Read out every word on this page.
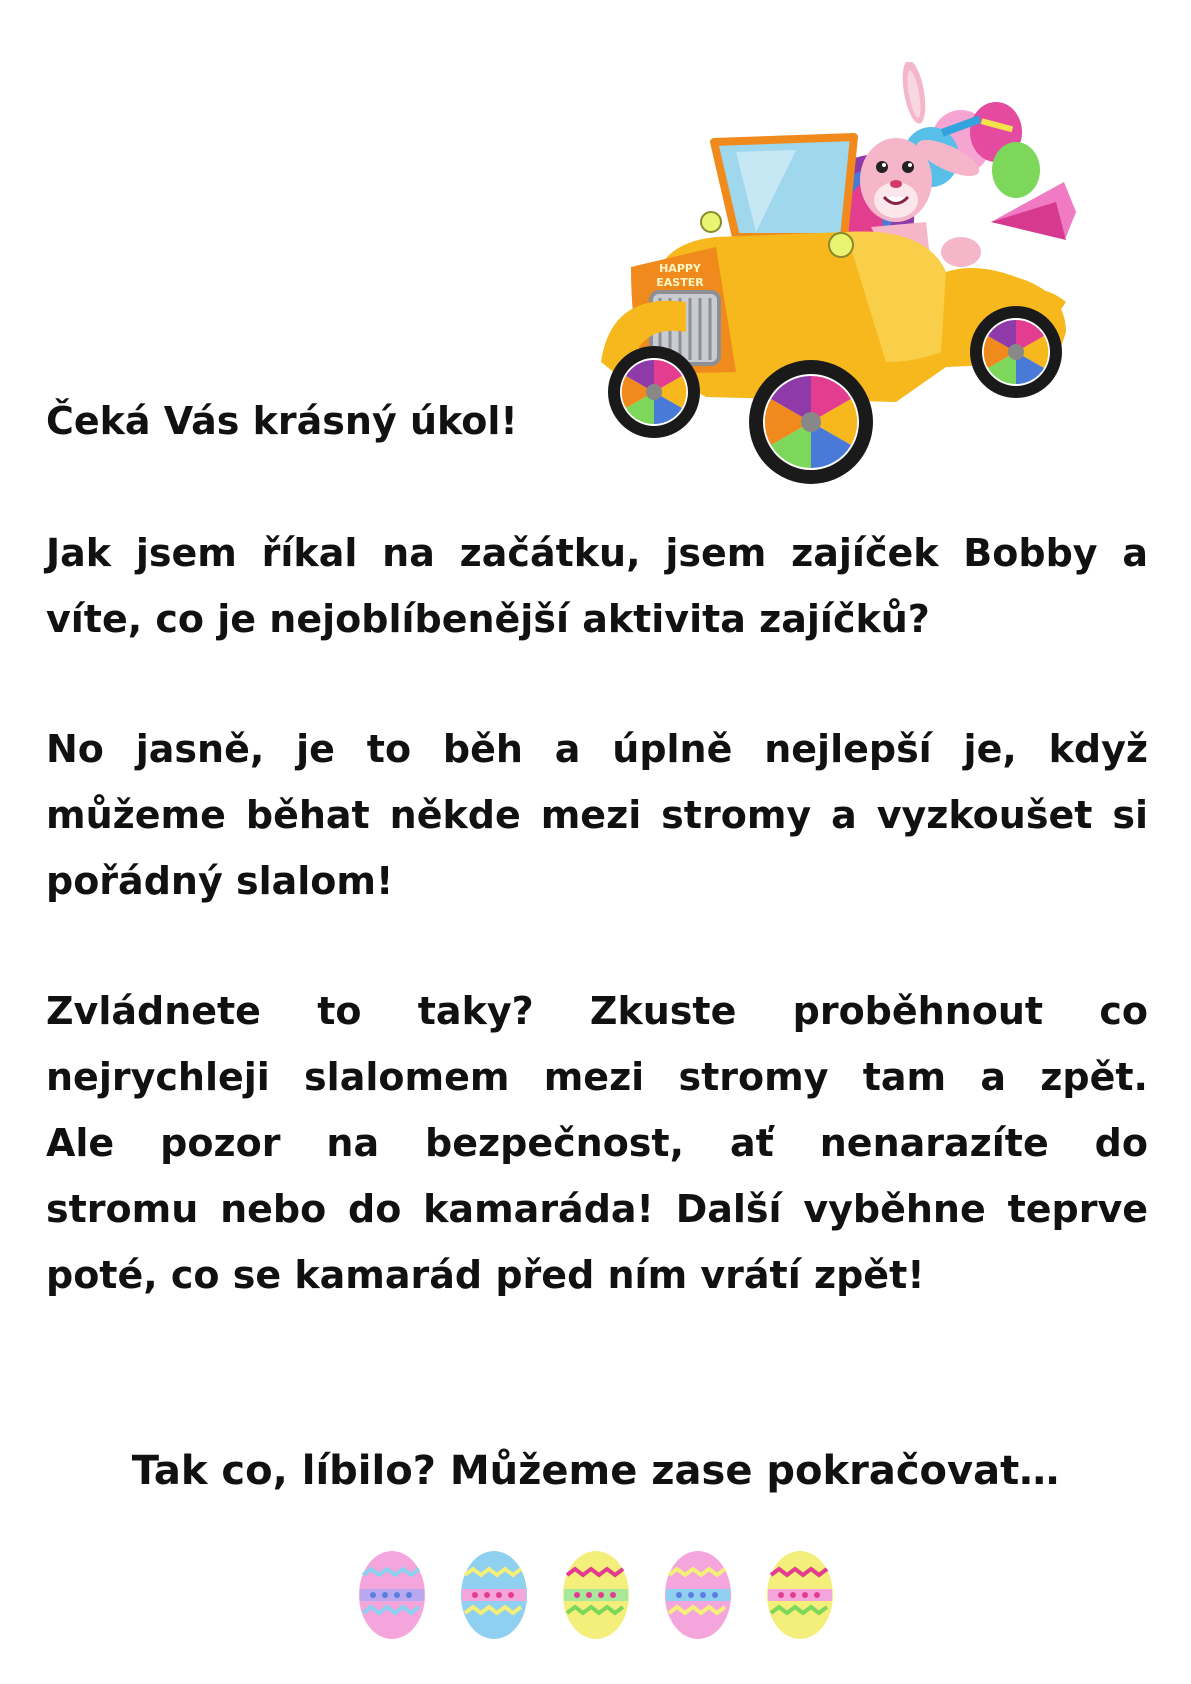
HAPPY
EASTER

Čeká Vás krásný úkol!

Jak jsem říkal na začátku, jsem zajíček Bobby a
víte, co je nejoblíbenější aktivita zajíčků?

No jasně, je to běh a úplně nejlepší je, když
můžeme běhat někde mezi stromy a vyzkoušet si
pořádný slalom!

Zvládnete to taky? Zkuste proběhnout co
nejrychleji slalomem mezi stromy tam a zpět.
Ale pozor na bezpečnost, ať nenarazíte do
stromu nebo do kamaráda! Další vyběhne teprve
poté, co se kamarád před ním vrátí zpět!

Tak co, líbilo? Můžeme zase pokračovat…
